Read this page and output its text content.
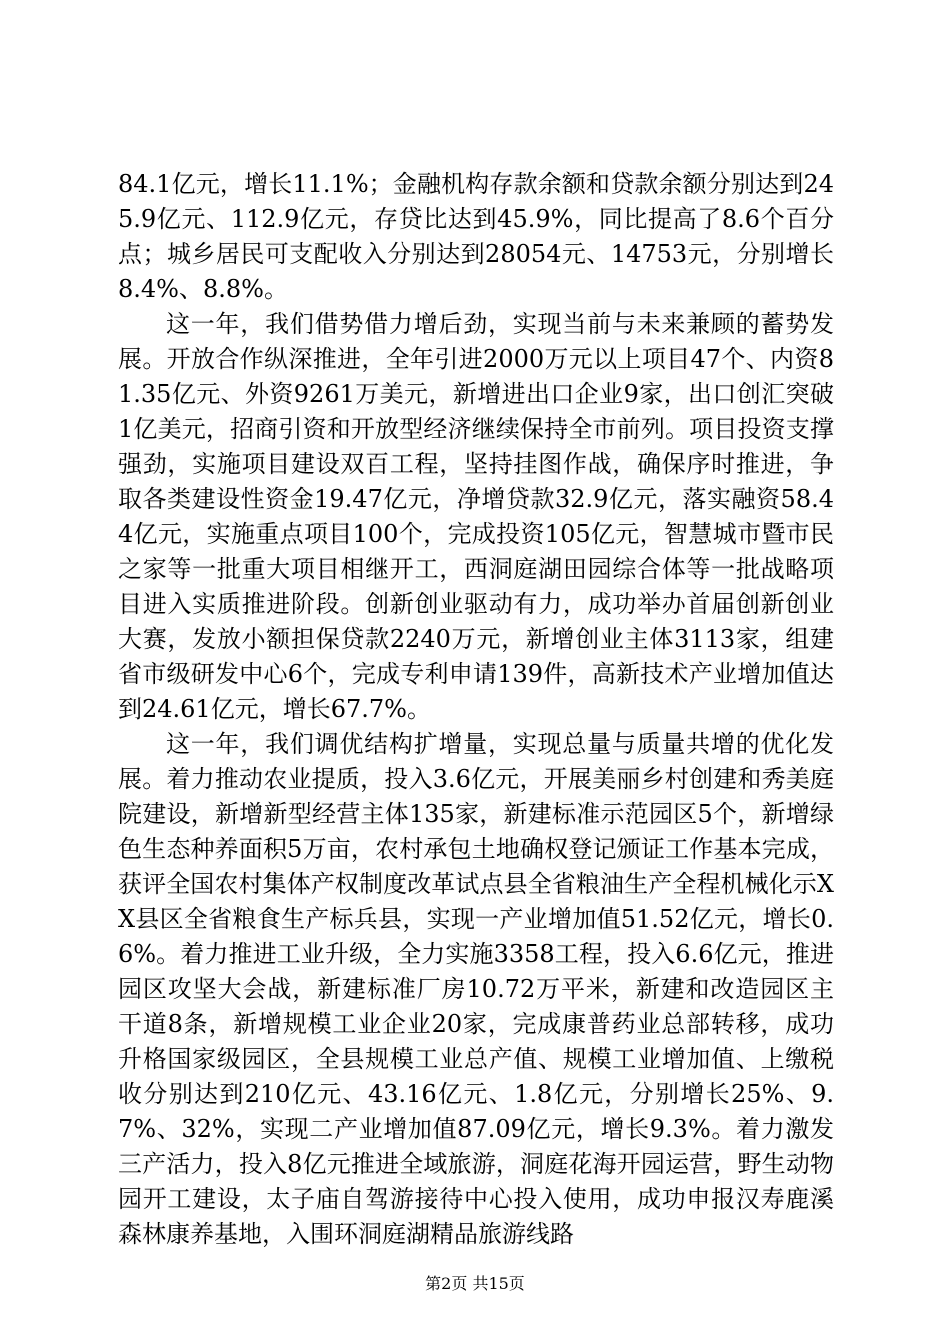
84.1亿元，增长11.1%；金融机构存款余额和贷款余额分别达到245.9亿元、112.9亿元，存贷比达到45.9%，同比提高了8.6个百分点；城乡居民可支配收入分别达到28054元、14753元，分别增长8.4%、8.8%。

这一年，我们借势借力增后劲，实现当前与未来兼顾的蓄势发展。开放合作纵深推进，全年引进2000万元以上项目47个、内资81.35亿元、外资9261万美元，新增进出口企业9家，出口创汇突破1亿美元，招商引资和开放型经济继续保持全市前列。项目投资支撑强劲，实施项目建设双百工程，坚持挂图作战，确保序时推进，争取各类建设性资金19.47亿元，净增贷款32.9亿元，落实融资58.44亿元，实施重点项目100个，完成投资105亿元，智慧城市暨市民之家等一批重大项目相继开工，西洞庭湖田园综合体等一批战略项目进入实质推进阶段。创新创业驱动有力，成功举办首届创新创业大赛，发放小额担保贷款2240万元，新增创业主体3113家，组建省市级研发中心6个，完成专利申请139件，高新技术产业增加值达到24.61亿元，增长67.7%。

这一年，我们调优结构扩增量，实现总量与质量共增的优化发展。着力推动农业提质，投入3.6亿元，开展美丽乡村创建和秀美庭院建设，新增新型经营主体135家，新建标准示范园区5个，新增绿色生态种养面积5万亩，农村承包土地确权登记颁证工作基本完成，获评全国农村集体产权制度改革试点县全省粮油生产全程机械化示XX县区全省粮食生产标兵县，实现一产业增加值51.52亿元，增长0.6%。着力推进工业升级，全力实施3358工程，投入6.6亿元，推进园区攻坚大会战，新建标准厂房10.72万平米，新建和改造园区主干道8条，新增规模工业企业20家，完成康普药业总部转移，成功升格国家级园区，全县规模工业总产值、规模工业增加值、上缴税收分别达到210亿元、43.16亿元、1.8亿元，分别增长25%、9.7%、32%，实现二产业增加值87.09亿元，增长9.3%。着力激发三产活力，投入8亿元推进全域旅游，洞庭花海开园运营，野生动物园开工建设，太子庙自驾游接待中心投入使用，成功申报汉寿鹿溪森林康养基地，入围环洞庭湖精品旅游线路

第2页 共15页
